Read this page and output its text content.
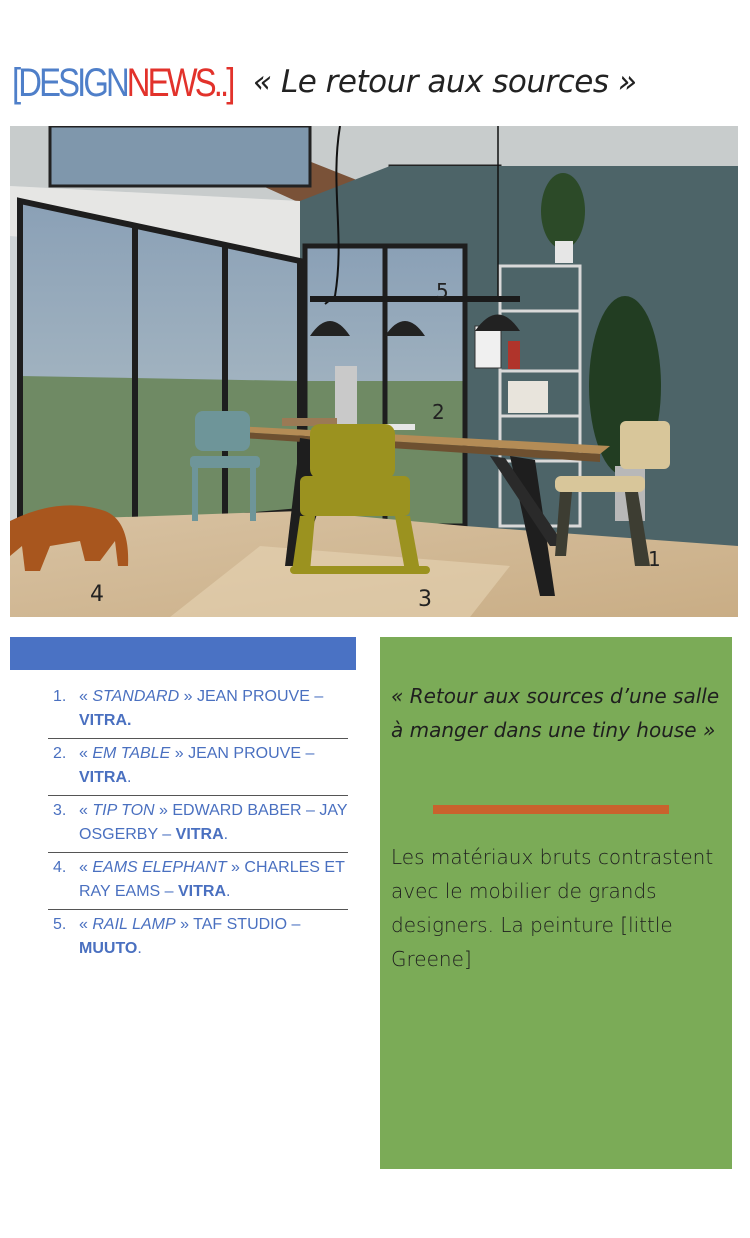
[DESIGNNEWS..] « Le retour aux sources »
1
2
3
4
5
1. « STANDARD » JEAN PROUVE – VITRA.
2. « EM TABLE » JEAN PROUVE – VITRA.
3. « TIP TON » EDWARD BABER – JAY OSGERBY – VITRA.
4. « EAMS ELEPHANT » CHARLES ET RAY EAMS – VITRA.
5. « RAIL LAMP » TAF STUDIO – MUUTO.
« Retour aux sources d’une salle à manger dans une tiny house »
Les matériaux bruts contrastent avec le mobilier de grands designers. La peinture [little Greene]
